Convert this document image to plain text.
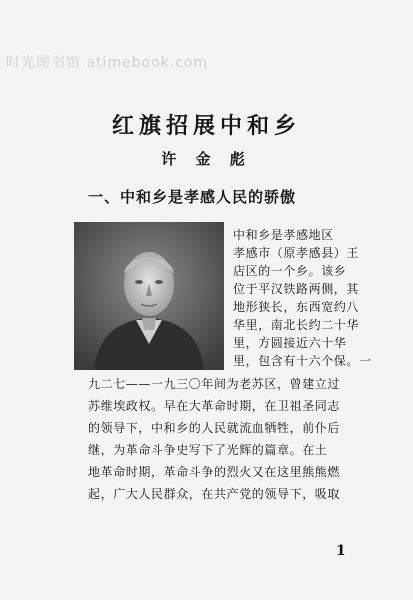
时光图书馆 atimebook.com
红旗招展中和乡
许 金 彪
一、中和乡是孝感人民的骄傲
中和乡是孝感地区
孝感市（原孝感县）王
店区的一个乡。该乡
位于平汉铁路两侧，其
地形狭长，东西宽约八
华里，南北长约二十华
里，方圆接近六十华
里，包含有十六个保。一
九二七——一九三〇年间为老苏区，曾建立过
苏维埃政权。早在大革命时期，在卫祖圣同志
的领导下，中和乡的人民就流血牺牲，前仆后
继，为革命斗争史写下了光辉的篇章。在土
地革命时期，革命斗争的烈火又在这里熊熊燃
起，广大人民群众，在共产党的领导下，吸取
1
